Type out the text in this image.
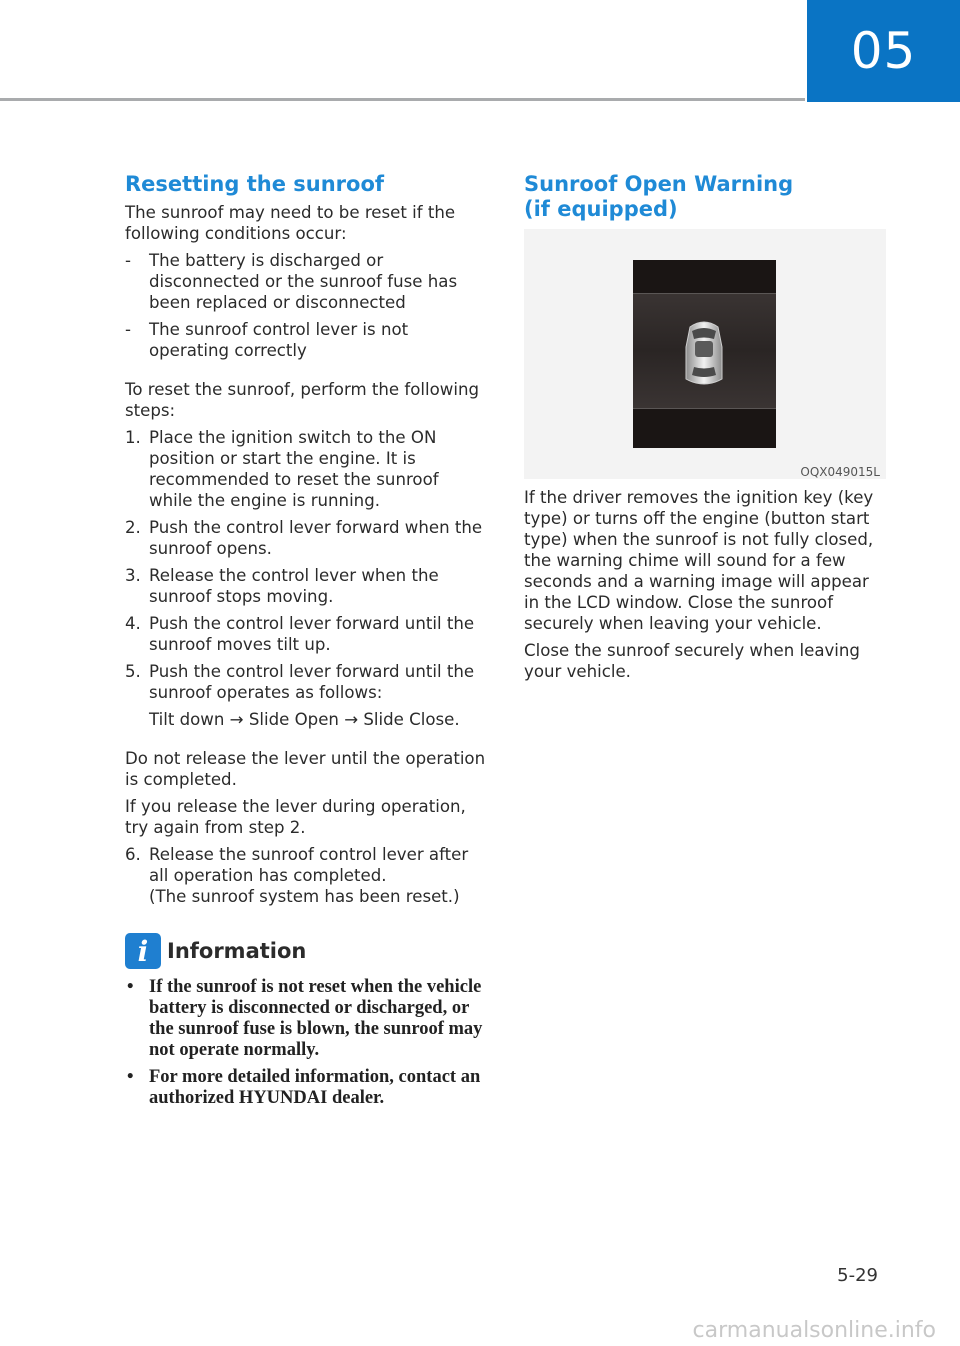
05
Resetting the sunroof

The sunroof may need to be reset if the following conditions occur:

- The battery is discharged or disconnected or the sunroof fuse has been replaced or disconnected
- The sunroof control lever is not operating correctly

To reset the sunroof, perform the following steps:

1. Place the ignition switch to the ON position or start the engine. It is recommended to reset the sunroof while the engine is running.
2. Push the control lever forward when the sunroof opens.
3. Release the control lever when the sunroof stops moving.
4. Push the control lever forward until the sunroof moves tilt up.
5. Push the control lever forward until the sunroof operates as follows:
Tilt down → Slide Open → Slide Close.

Do not release the lever until the operation is completed.

If you release the lever during operation, try again from step 2.

6. Release the sunroof control lever after all operation has completed.
(The sunroof system has been reset.)
i Information
• If the sunroof is not reset when the vehicle battery is disconnected or discharged, or the sunroof fuse is blown, the sunroof may not operate normally.
• For more detailed information, contact an authorized HYUNDAI dealer.
Sunroof Open Warning
(if equipped)
OQX049015L

If the driver removes the ignition key (key type) or turns off the engine (button start type) when the sunroof is not fully closed, the warning chime will sound for a few seconds and a warning image will appear in the LCD window. Close the sunroof securely when leaving your vehicle.

Close the sunroof securely when leaving your vehicle.

5-29
carmanualsonline.info
